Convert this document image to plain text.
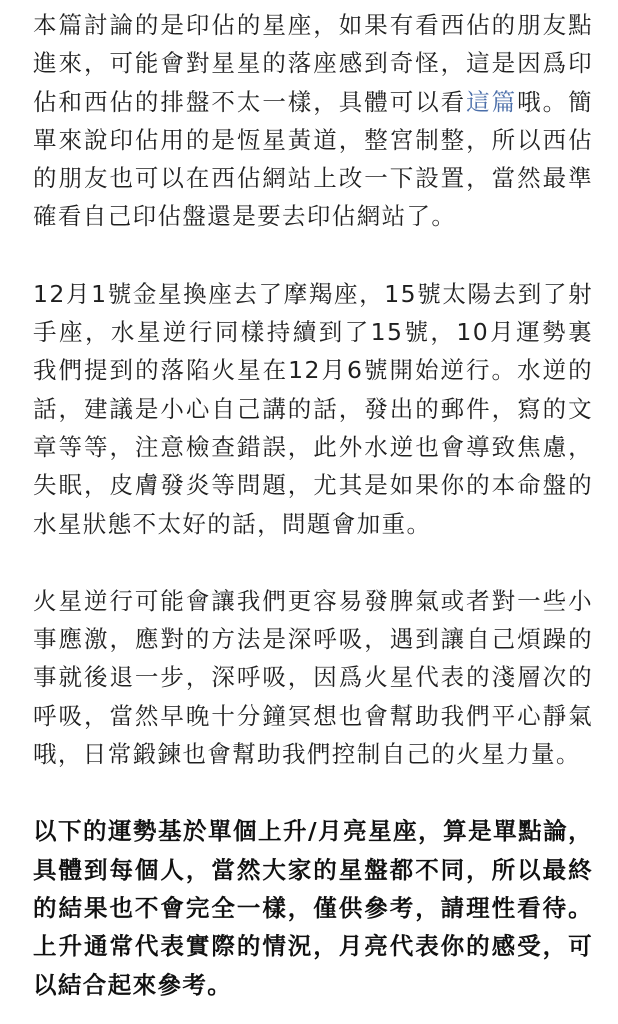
本篇討論的是印佔的星座，如果有看西佔的朋友點進來，可能會對星星的落座感到奇怪，這是因爲印佔和西佔的排盤不太一樣，具體可以看這篇哦。簡單來說印佔用的是恆星黃道，整宮制整，所以西佔的朋友也可以在西佔網站上改一下設置，當然最準確看自己印佔盤還是要去印佔網站了。

12月1號金星換座去了摩羯座，15號太陽去到了射手座，水星逆行同樣持續到了15號，10月運勢裏我們提到的落陷火星在12月6號開始逆行。水逆的話，建議是小心自己講的話，發出的郵件，寫的文章等等，注意檢查錯誤，此外水逆也會導致焦慮，失眠，皮膚發炎等問題，尤其是如果你的本命盤的水星狀態不太好的話，問題會加重。

火星逆行可能會讓我們更容易發脾氣或者對一些小事應激，應對的方法是深呼吸，遇到讓自己煩躁的事就後退一步，深呼吸，因爲火星代表的淺層次的呼吸，當然早晚十分鐘冥想也會幫助我們平心靜氣哦，日常鍛鍊也會幫助我們控制自己的火星力量。

以下的運勢基於單個上升/月亮星座，算是單點論，具體到每個人，當然大家的星盤都不同，所以最終的結果也不會完全一樣，僅供參考，請理性看待。上升通常代表實際的情況，月亮代表你的感受，可以結合起來參考。
